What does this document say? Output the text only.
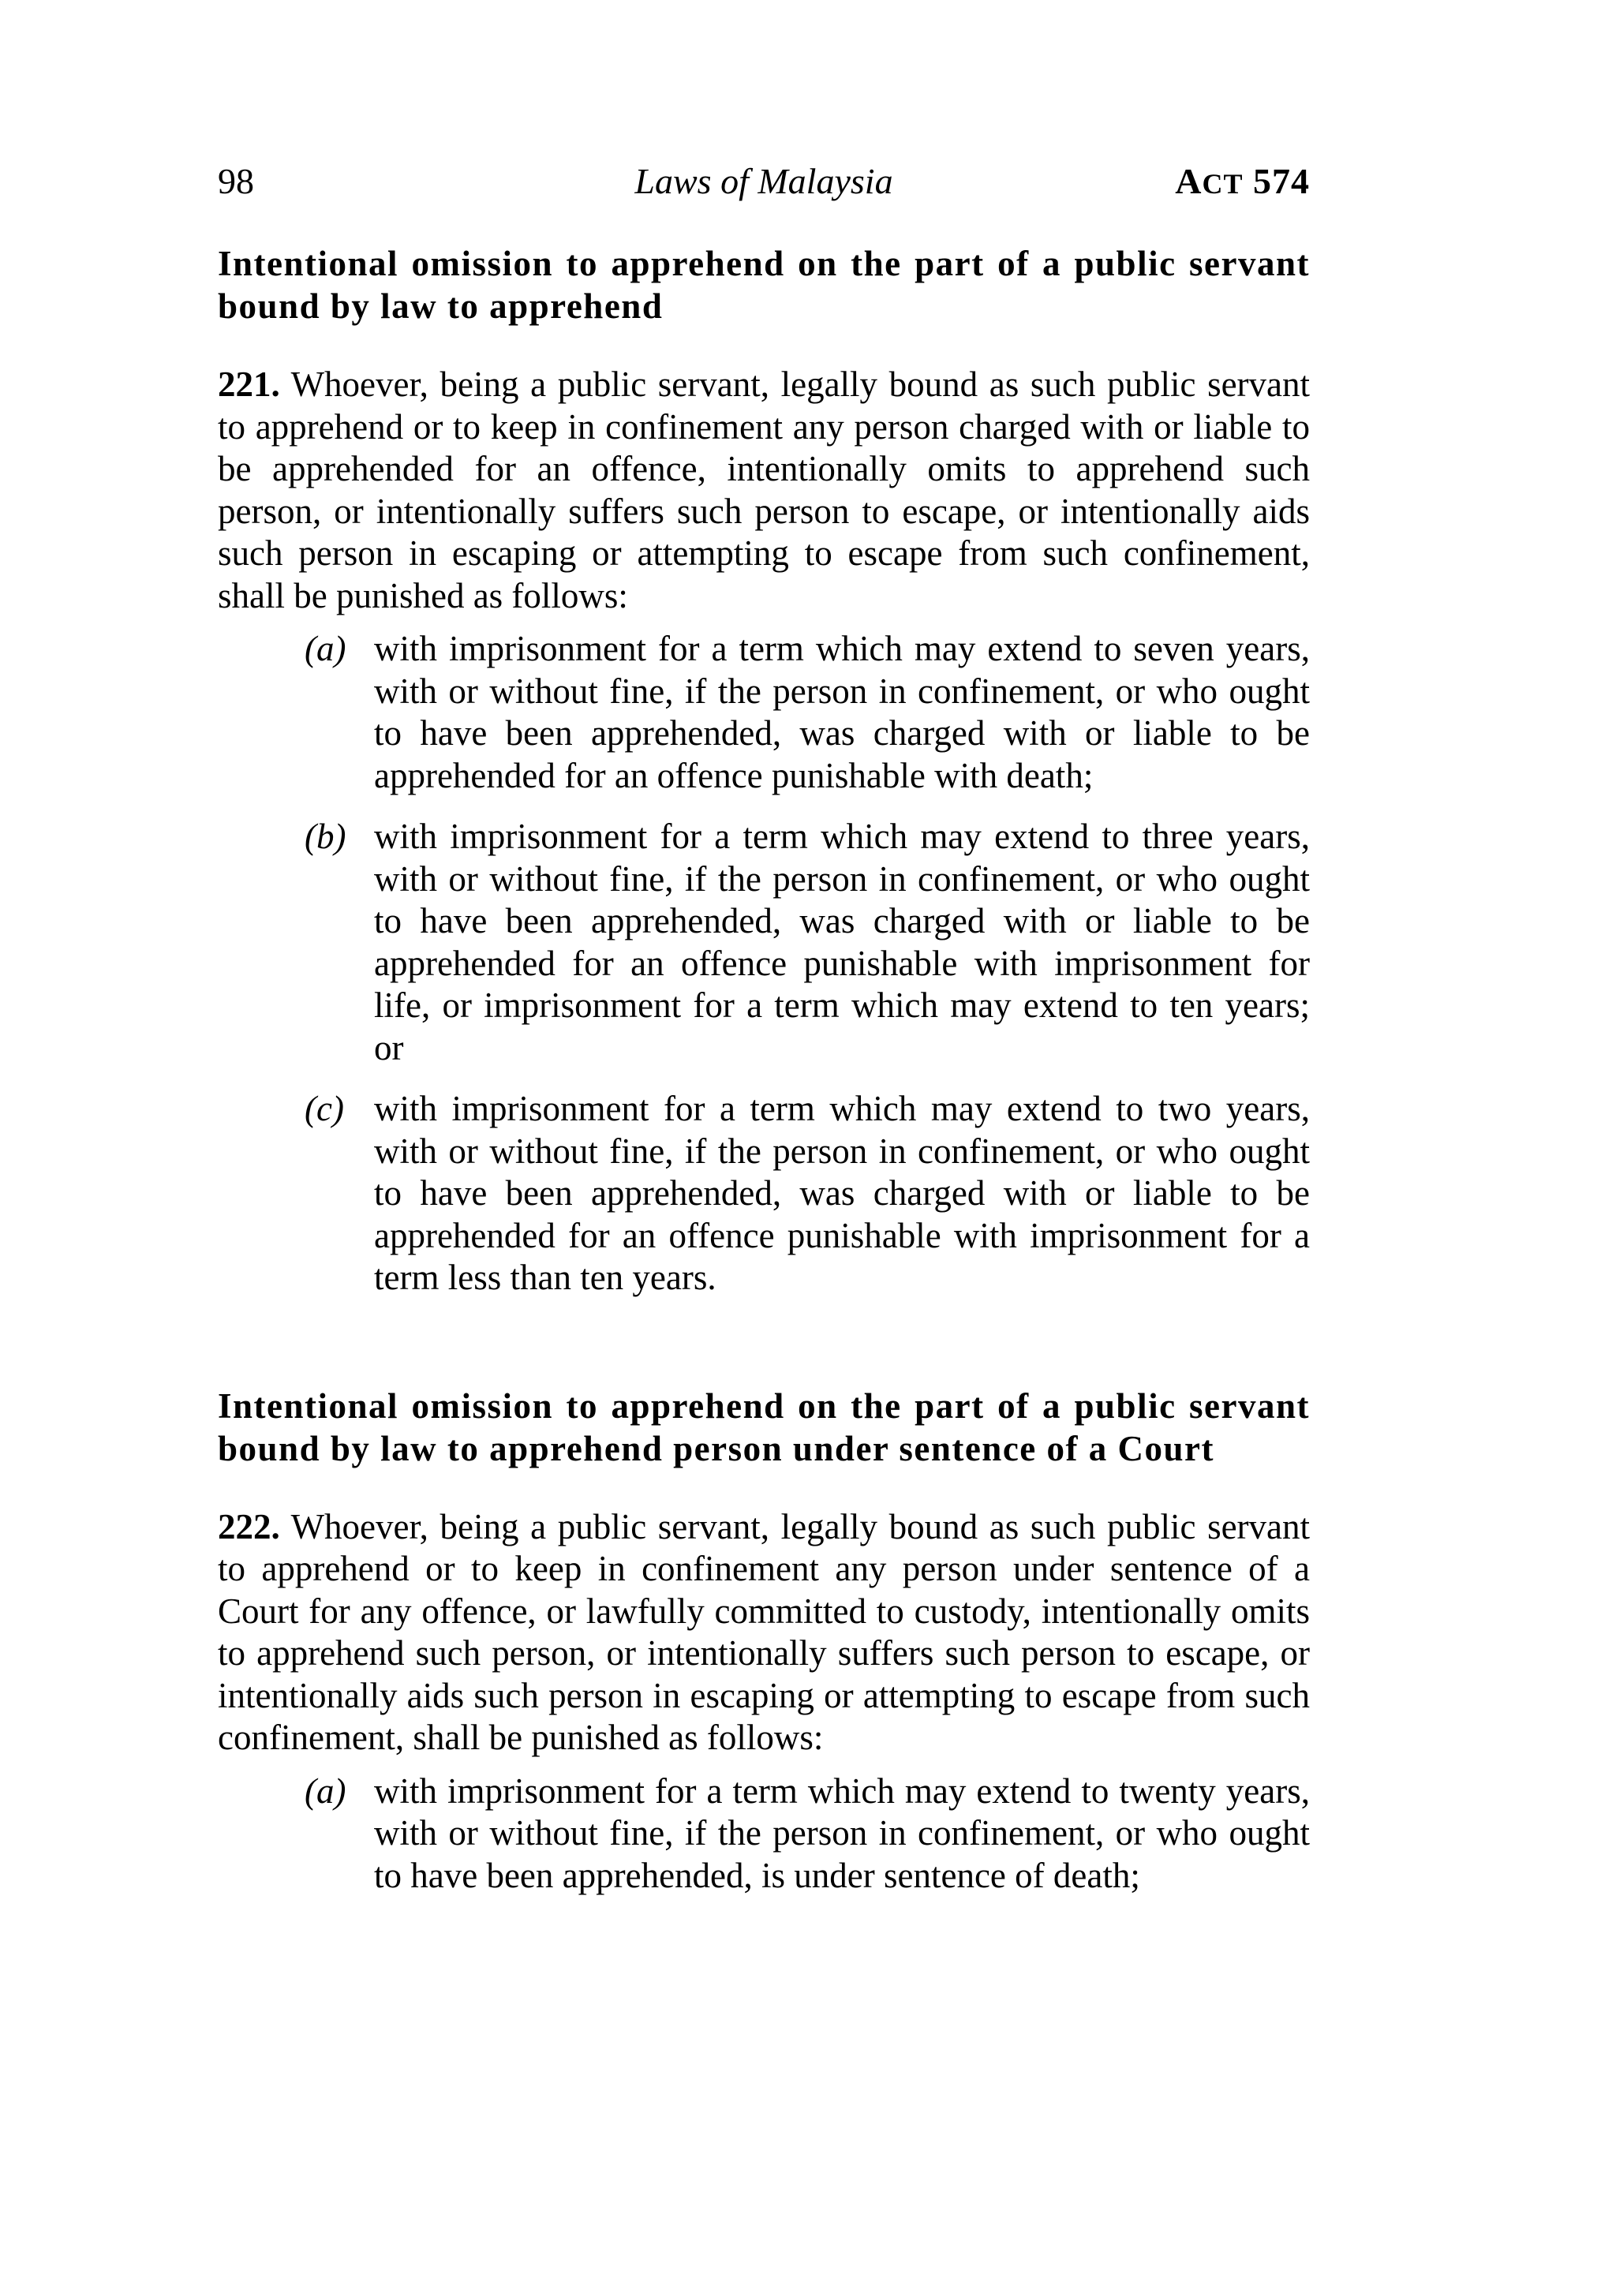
98	Laws of Malaysia	ACT 574

Intentional omission to apprehend on the part of a public servant bound by law to apprehend

221. Whoever, being a public servant, legally bound as such public servant to apprehend or to keep in confinement any person charged with or liable to be apprehended for an offence, intentionally omits to apprehend such person, or intentionally suffers such person to escape, or intentionally aids such person in escaping or attempting to escape from such confinement, shall be punished as follows:

(a) with imprisonment for a term which may extend to seven years, with or without fine, if the person in confinement, or who ought to have been apprehended, was charged with or liable to be apprehended for an offence punishable with death;
(b) with imprisonment for a term which may extend to three years, with or without fine, if the person in confinement, or who ought to have been apprehended, was charged with or liable to be apprehended for an offence punishable with imprisonment for life, or imprisonment for a term which may extend to ten years; or
(c) with imprisonment for a term which may extend to two years, with or without fine, if the person in confinement, or who ought to have been apprehended, was charged with or liable to be apprehended for an offence punishable with imprisonment for a term less than ten years.

Intentional omission to apprehend on the part of a public servant bound by law to apprehend person under sentence of a Court

222. Whoever, being a public servant, legally bound as such public servant to apprehend or to keep in confinement any person under sentence of a Court for any offence, or lawfully committed to custody, intentionally omits to apprehend such person, or intentionally suffers such person to escape, or intentionally aids such person in escaping or attempting to escape from such confinement, shall be punished as follows:

(a) with imprisonment for a term which may extend to twenty years, with or without fine, if the person in confinement, or who ought to have been apprehended, is under sentence of death;
